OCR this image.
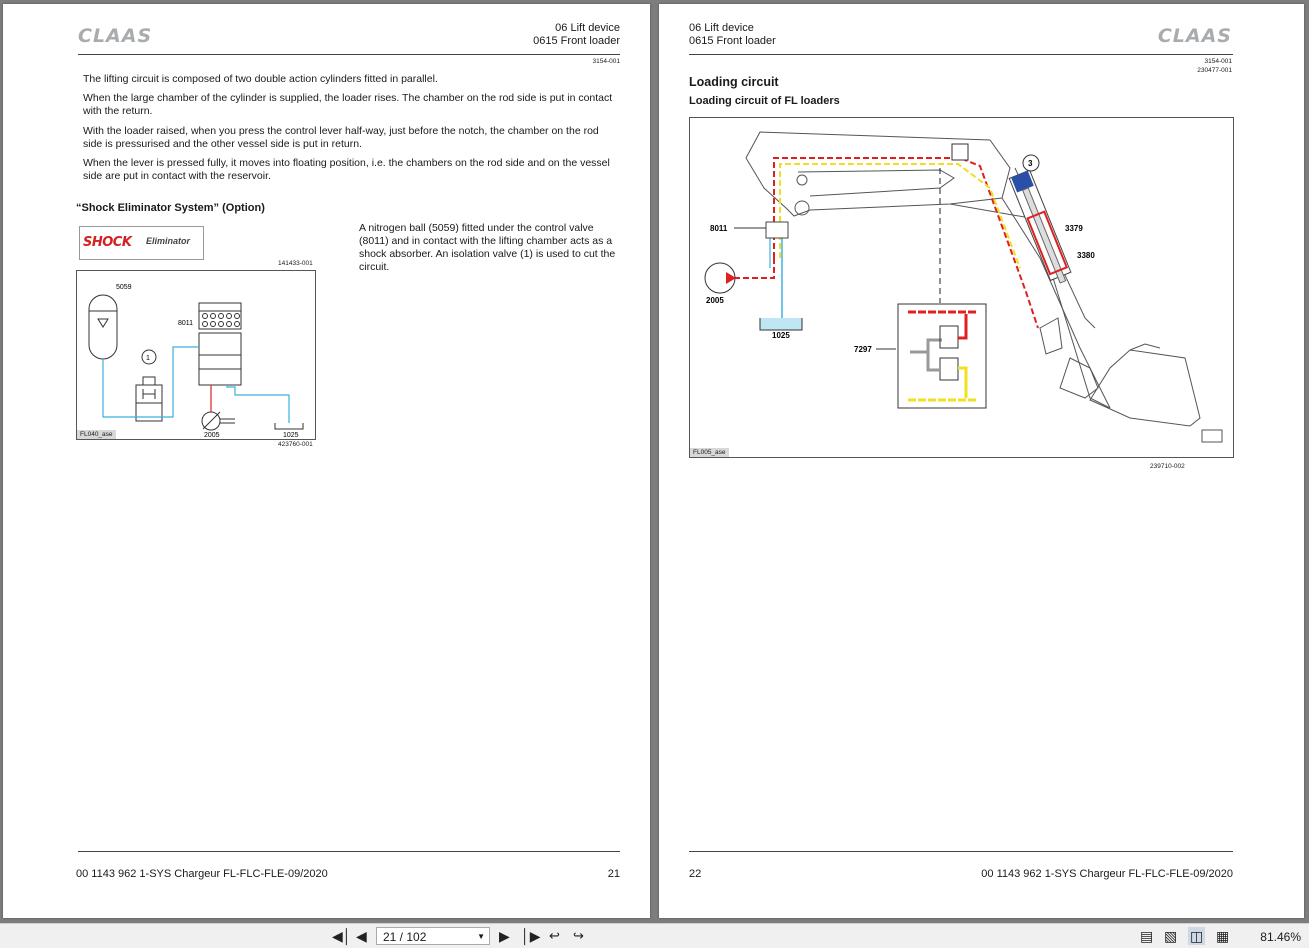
CLAAS	06 Lift device
0615 Front loader
3154-001
The lifting circuit is composed of two double action cylinders fitted in parallel.
When the large chamber of the cylinder is supplied, the loader rises. The chamber on the rod side is put in contact with the return.
With the loader raised, when you press the control lever half-way, just before the notch, the chamber on the rod side is pressurised and the other vessel side is put in return.
When the lever is pressed fully, it moves into floating position, i.e. the chambers on the rod side and on the vessel side are put in contact with the reservoir.
“Shock Eliminator System” (Option)
SHOCK Eliminator
141433-001
A nitrogen ball (5059) fitted under the control valve (8011) and in contact with the lifting chamber acts as a shock absorber. An isolation valve (1) is used to cut the circuit.
5059
8011
1
2005	1025
FL040_ase
423760-001
00 1143 962 1-SYS Chargeur FL-FLC-FLE-09/2020	21
06 Lift device
0615 Front loader	CLAAS
3154-001
230477-001
Loading circuit
Loading circuit of FL loaders
8011
2005
1025
7297
3
3379
3380
FL005_ase
239710-002
22	00 1143 962 1-SYS Chargeur FL-FLC-FLE-09/2020
◀│ ◀	21 / 102	▼ ▶ │▶ ↩ ↪	▤ ▧ ◫ ▦	81.46%
